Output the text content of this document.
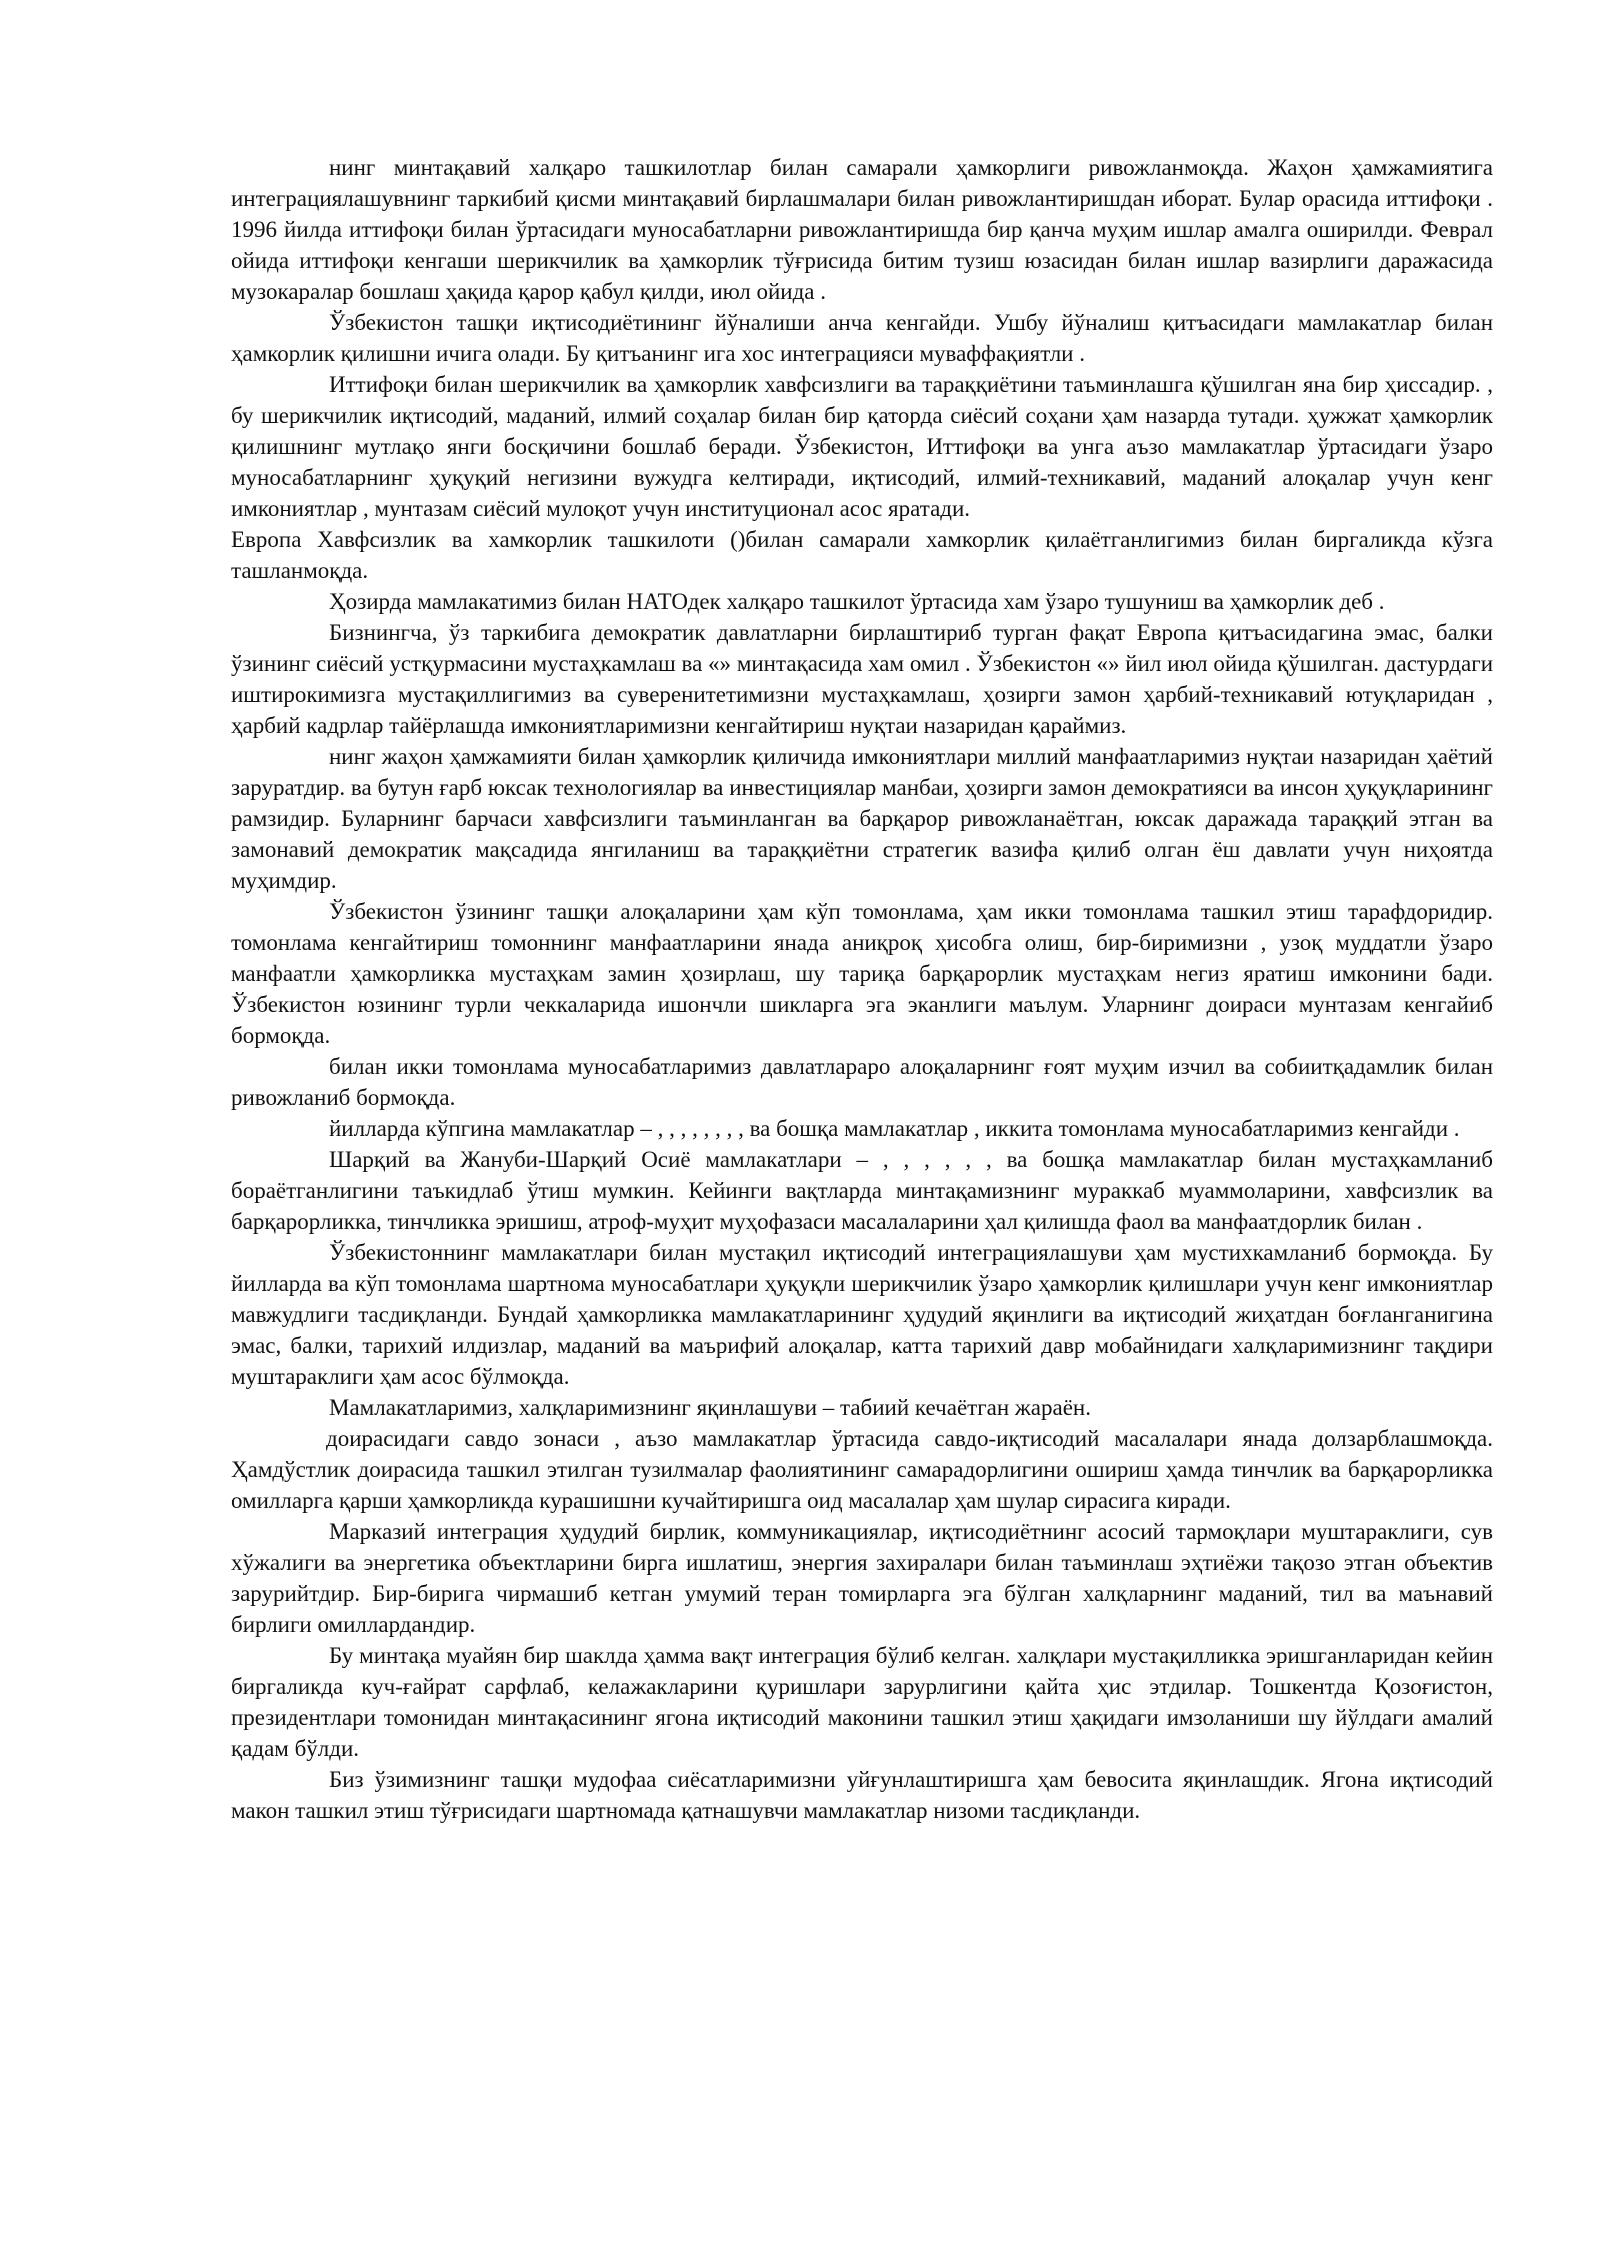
нинг минтақавий халқаро ташкилотлар билан самарали ҳамкорлиги ривожланмоқда. Жаҳон ҳамжамиятига интеграциялашувнинг таркибий қисми минтақавий бирлашмалари билан ривожлантиришдан иборат. Булар орасида иттифоқи . 1996 йилда иттифоқи билан ўртасидаги муносабатларни ривожлантиришда бир қанча муҳим ишлар амалга оширилди. Феврал ойида иттифоқи кенгаши шерикчилик ва ҳамкорлик тўғрисида битим тузиш юзасидан билан ишлар вазирлиги даражасида музокаралар бошлаш ҳақида қарор қабул қилди, июл ойида .

Ўзбекистон ташқи иқтисодиётининг йўналиши анча кенгайди. Ушбу йўналиш қитъасидаги мамлакатлар билан ҳамкорлик қилишни ичига олади. Бу қитъанинг ига хос интеграцияси муваффақиятли .

Иттифоқи билан шерикчилик ва ҳамкорлик хавфсизлиги ва тараққиётини таъминлашга қўшилган яна бир ҳиссадир. , бу шерикчилик иқтисодий, маданий, илмий соҳалар билан бир қаторда сиёсий соҳани ҳам назарда тутади. ҳужжат ҳамкорлик қилишнинг мутлақо янги босқичини бошлаб беради. Ўзбекистон, Иттифоқи ва унга аъзо мамлакатлар ўртасидаги ўзаро муносабатларнинг ҳуқуқий негизини вужудга келтиради, иқтисодий, илмий-техникавий, маданий алоқалар учун кенг имкониятлар , мунтазам сиёсий мулоқот учун институционал асос яратади.

Европа Хавфсизлик ва хамкорлик ташкилоти ()билан самарали хамкорлик қилаётганлигимиз билан биргаликда кўзга ташланмоқда.

Ҳозирда мамлакатимиз билан НАТОдек халқаро ташкилот ўртасида хам ўзаро тушуниш ва ҳамкорлик деб .

Бизнингча, ўз таркибига демократик давлатларни бирлаштириб турган фақат Европа қитъасидагина эмас, балки ўзининг сиёсий устқурмасини мустаҳкамлаш ва «» минтақасида хам омил . Ўзбекистон «» йил июл ойида қўшилган. дастурдаги иштирокимизга мустақиллигимиз ва суверенитетимизни мустаҳкамлаш, ҳозирги замон ҳарбий-техникавий ютуқларидан , ҳарбий кадрлар тайёрлашда имкониятларимизни кенгайтириш нуқтаи назаридан қараймиз.

нинг жаҳон ҳамжамияти билан ҳамкорлик қиличида имкониятлари миллий манфаатларимиз нуқтаи назаридан ҳаётий заруратдир. ва бутун ғарб юксак технологиялар ва инвестициялар манбаи, ҳозирги замон демократияси ва инсон ҳуқуқларининг рамзидир. Буларнинг барчаси хавфсизлиги таъминланган ва барқарор ривожланаётган, юксак даражада тараққий этган ва замонавий демократик мақсадида янгиланиш ва тараққиётни стратегик вазифа қилиб олган ёш давлати учун ниҳоятда муҳимдир.

Ўзбекистон ўзининг ташқи алоқаларини ҳам кўп томонлама, ҳам икки томонлама ташкил этиш тарафдоридир. томонлама кенгайтириш томоннинг манфаатларини янада аниқроқ ҳисобга олиш, бир-биримизни , узоқ муддатли ўзаро манфаатли ҳамкорликка мустаҳкам замин ҳозирлаш, шу тариқа барқарорлик мустаҳкам негиз яратиш имконини бади. Ўзбекистон юзининг турли чеккаларида ишончли шикларга эга эканлиги маълум. Уларнинг доираси мунтазам кенгайиб бормоқда.

билан икки томонлама муносабатларимиз давлатлараро алоқаларнинг ғоят муҳим изчил ва собиитқадамлик билан ривожланиб бормоқда.

йилларда кўпгина мамлакатлар – , , , , , , , , ва бошқа мамлакатлар , иккита томонлама муносабатларимиз кенгайди .

Шарқий ва Жануби-Шарқий Осиё мамлакатлари – , , , , , , ва бошқа мамлакатлар билан мустаҳкамланиб бораётганлигини таъкидлаб ўтиш мумкин. Кейинги вақтларда минтақамизнинг мураккаб муаммоларини, хавфсизлик ва барқарорликка, тинчликка эришиш, атроф-муҳит муҳофазаси масалаларини ҳал қилишда фаол ва манфаатдорлик билан .

Ўзбекистоннинг мамлакатлари билан мустақил иқтисодий интеграциялашуви ҳам мустихкамланиб бормоқда. Бу йилларда ва кўп томонлама шартнома муносабатлари ҳуқуқли шерикчилик ўзаро ҳамкорлик қилишлари учун кенг имкониятлар мавжудлиги тасдиқланди. Бундай ҳамкорликка мамлакатларининг ҳудудий яқинлиги ва иқтисодий жиҳатдан боғланганигина эмас, балки, тарихий илдизлар, маданий ва маърифий алоқалар, катта тарихий давр мобайнидаги халқларимизнинг тақдири муштараклиги ҳам асос бўлмоқда.

Мамлакатларимиз, халқларимизнинг яқинлашуви – табиий кечаётган жараён.

доирасидаги савдо зонаси , аъзо мамлакатлар ўртасида савдо-иқтисодий масалалари янада долзарблашмоқда. Ҳамдўстлик доирасида ташкил этилган тузилмалар фаолиятининг самарадорлигини ошириш ҳамда тинчлик ва барқарорликка омилларга қарши ҳамкорликда курашишни кучайтиришга оид масалалар ҳам шулар сирасига киради.

Марказий интеграция ҳудудий бирлик, коммуникациялар, иқтисодиётнинг асосий тармоқлари муштараклиги, сув хўжалиги ва энергетика объектларини бирга ишлатиш, энергия захиралари билан таъминлаш эҳтиёжи тақозо этган объектив зарурийтдир. Бир-бирига чирмашиб кетган умумий теран томирларга эга бўлган халқларнинг маданий, тил ва маънавий бирлиги омиллардандир.

Бу минтақа муайян бир шаклда ҳамма вақт интеграция бўлиб келган. халқлари мустақилликка эришганларидан кейин биргаликда куч-ғайрат сарфлаб, келажакларини қуришлари зарурлигини қайта ҳис этдилар. Тошкентда Қозоғистон, президентлари томонидан минтақасининг ягона иқтисодий маконини ташкил этиш ҳақидаги имзоланиши шу йўлдаги амалий қадам бўлди.

Биз ўзимизнинг ташқи мудофаа сиёсатларимизни уйғунлаштиришга ҳам бевосита яқинлашдик. Ягона иқтисодий макон ташкил этиш тўғрисидаги шартномада қатнашувчи мамлакатлар низоми тасдиқланди.
